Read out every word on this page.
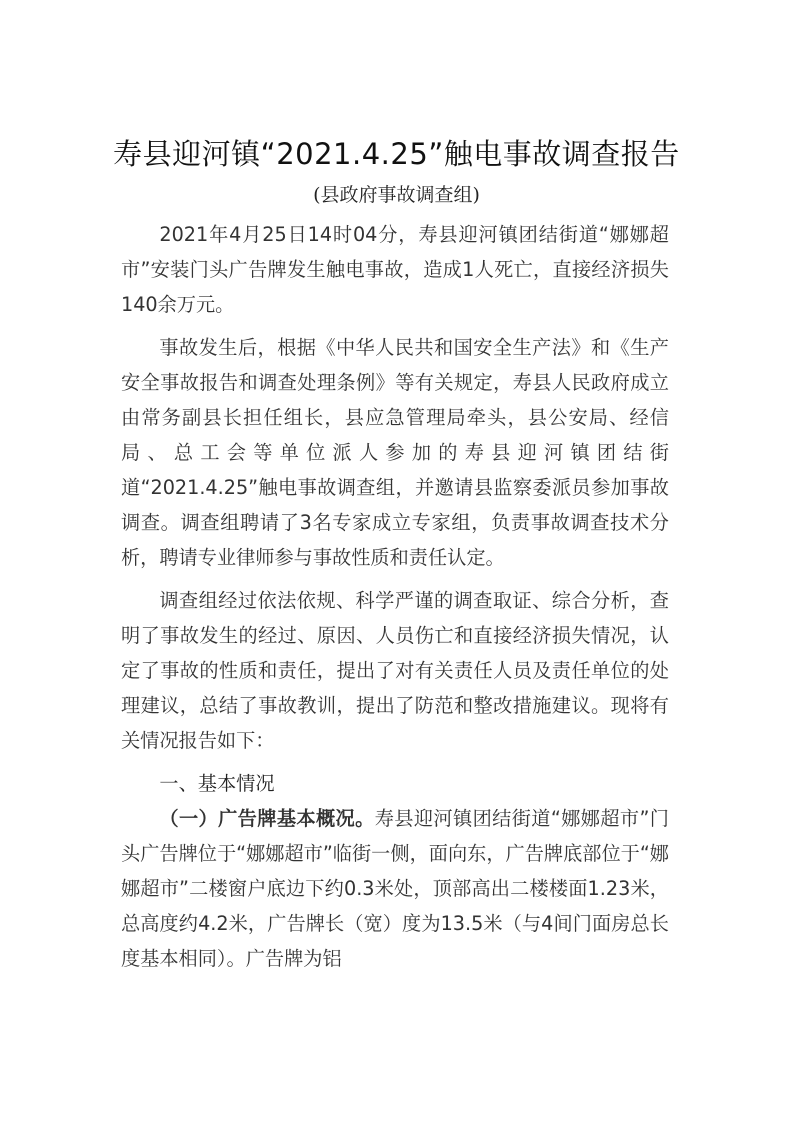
寿县迎河镇“2021.4.25”触电事故调查报告
(县政府事故调查组)

2021年4月25日14时04分，寿县迎河镇团结街道“娜娜超市”安装门头广告牌发生触电事故，造成1人死亡，直接经济损失140余万元。

事故发生后，根据《中华人民共和国安全生产法》和《生产安全事故报告和调查处理条例》等有关规定，寿县人民政府成立由常务副县长担任组长，县应急管理局牵头，县公安局、经信局、总工会等单位派人参加的寿县迎河镇团结街道“2021.4.25”触电事故调查组，并邀请县监察委派员参加事故调查。调查组聘请了3名专家成立专家组，负责事故调查技术分析，聘请专业律师参与事故性质和责任认定。

调查组经过依法依规、科学严谨的调查取证、综合分析，查明了事故发生的经过、原因、人员伤亡和直接经济损失情况，认定了事故的性质和责任，提出了对有关责任人员及责任单位的处理建议，总结了事故教训，提出了防范和整改措施建议。现将有关情况报告如下：

一、基本情况

（一）广告牌基本概况。寿县迎河镇团结街道“娜娜超市”门头广告牌位于“娜娜超市”临街一侧，面向东，广告牌底部位于“娜娜超市”二楼窗户底边下约0.3米处，顶部高出二楼楼面1.23米，总高度约4.2米，广告牌长（宽）度为13.5米（与4间门面房总长度基本相同）。广告牌为铝
